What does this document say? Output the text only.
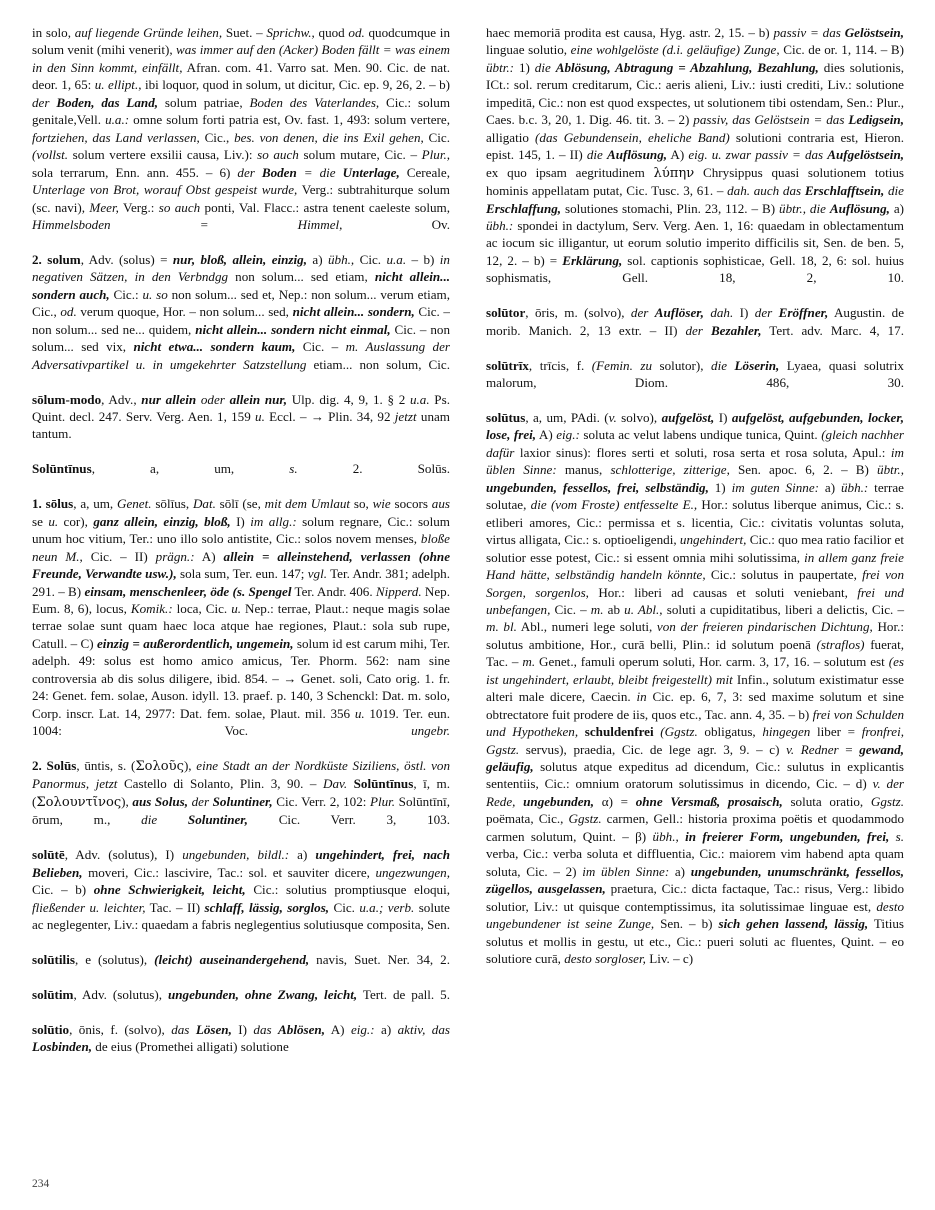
in solo, auf liegende Gründe leihen, Suet. – Sprichw., quod od. quodcumque in solum venit (mihi venerit), was immer auf den (Acker) Boden fällt = was einem in den Sinn kommt, einfällt, Afran. com. 41. Varro sat. Men. 90. Cic. de nat. deor. 1, 65: u. ellipt., ibi loquor, quod in solum, ut dicitur, Cic. ep. 9, 26, 2. – b) der Boden, das Land, solum patriae, Boden des Vaterlandes, Cic.: solum genitale,Vell. u.a.: omne solum forti patria est, Ov. fast. 1, 493: solum vertere, fortziehen, das Land verlassen, Cic., bes. von denen, die ins Exil gehen, Cic. (vollst. solum vertere exsilii causa, Liv.): so auch solum mutare, Cic. – Plur., sola terrarum, Enn. ann. 455. – 6) der Boden = die Unterlage, Cereale, Unterlage von Brot, worauf Obst gespeist wurde, Verg.: subtrahiturque solum (sc. navi), Meer, Verg.: so auch ponti, Val. Flacc.: astra tenent caeleste solum, Himmelsboden = Himmel, Ov.

2. solum, Adv. (solus) = nur, bloß, allein, einzig, a) übh., Cic. u.a. – b) in negativen Sätzen, in den Verbndgg non solum... sed etiam, nicht allein... sondern auch, Cic.: u. so non solum... sed et, Nep.: non solum... verum etiam, Cic., od. verum quoque, Hor. – non solum... sed, nicht allein... sondern, Cic. – non solum... sed ne... quidem, nicht allein... sondern nicht einmal, Cic. – non solum... sed vix, nicht etwa... sondern kaum, Cic. – m. Auslassung der Adversativpartikel u. in umgekehrter Satzstellung etiam... non solum, Cic.

sōlum-modo, Adv., nur allein oder allein nur, Ulp. dig. 4, 9, 1. § 2 u.a. Ps. Quint. decl. 247. Serv. Verg. Aen. 1, 159 u. Eccl. – → Plin. 34, 92 jetzt unam tantum.

Solūntīnus, a, um, s. 2. Solūs.

1. sōlus, a, um, Genet. sōlīus, Dat. sōlī (se, mit dem Umlaut so, wie socors aus se u. cor), ganz allein, einzig, bloß, I) im allg.: solum regnare, Cic.: solum unum hoc vitium, Ter.: uno illo solo antistite, Cic.: solos novem menses, bloße neun M., Cic. – II) prägn.: A) allein = alleinstehend, verlassen (ohne Freunde, Verwandte usw.), sola sum, Ter. eun. 147; vgl. Ter. Andr. 381; adelph. 291. – B) einsam, menschenleer, öde (s. Spengel Ter. Andr. 406. Nipperd. Nep. Eum. 8, 6), locus, Komik.: loca, Cic. u. Nep.: terrae, Plaut.: neque magis solae terrae solae sunt quam haec loca atque hae regiones, Plaut.: sola sub rupe, Catull. – C) einzig = außerordentlich, ungemein, solum id est carum mihi, Ter. adelph. 49: solus est homo amico amicus, Ter. Phorm. 562: nam sine controversia ab dis solus diligere, ibid. 854. – → Genet. soli, Cato orig. 1. fr. 24: Genet. fem. solae, Auson. idyll. 13. praef. p. 140, 3 Schenckl: Dat. m. solo, Corp. inscr. Lat. 14, 2977: Dat. fem. solae, Plaut. mil. 356 u. 1019. Ter. eun. 1004: Voc. ungebr.

2. Solūs, ūntis, s. (Σολοῦς), eine Stadt an der Nordküste Siziliens, östl. von Panormus, jetzt Castello di Solanto, Plin. 3, 90. – Dav. Solūntīnus, ī, m. (Σολουντῖνος), aus Solus, der Soluntiner, Cic. Verr. 2, 102: Plur. Solūntīnī, ōrum, m., die Soluntiner, Cic. Verr. 3, 103.

solūtē, Adv. (solutus), I) ungebunden, bildl.: a) ungehindert, frei, nach Belieben, moveri, Cic.: lascivire, Tac.: sol. et sauviter dicere, ungezwungen, Cic. – b) ohne Schwierigkeit, leicht, Cic.: solutius promptiusque eloqui, fließender u. leichter, Tac. – II) schlaff, lässig, sorglos, Cic. u.a.; verb. solute ac neglegenter, Liv.: quaedam a fabris neglegentius solutiusque composita, Sen.

solūtilis, e (solutus), (leicht) auseinandergehend, navis, Suet. Ner. 34, 2.

solūtim, Adv. (solutus), ungebunden, ohne Zwang, leicht, Tert. de pall. 5.

solūtio, ōnis, f. (solvo), das Lösen, I) das Ablösen, A) eig.: a) aktiv, das Losbinden, de eius (Promethei alligati) solutione

haec memoriā prodita est causa, Hyg. astr. 2, 15. – b) passiv = das Gelöstsein, linguae solutio, eine wohlgelöste (d.i. geläufige) Zunge, Cic. de or. 1, 114. – B) übtr.: 1) die Ablösung, Abtragung = Abzahlung, Bezahlung, dies solutionis, ICt.: sol. rerum creditarum, Cic.: aeris alieni, Liv.: iusti crediti, Liv.: solutione impeditā, Cic.: non est quod exspectes, ut solutionem tibi ostendam, Sen.: Plur., Caes. b.c. 3, 20, 1. Dig. 46. tit. 3. – 2) passiv, das Gelöstsein = das Ledigsein, alligatio (das Gebundensein, eheliche Band) solutioni contraria est, Hieron. epist. 145, 1. – II) die Auflösung, A) eig. u. zwar passiv = das Aufgelöstsein, ex quo ipsam aegritudinem λύπην Chrysippus quasi solutionem totius hominis appellatam putat, Cic. Tusc. 3, 61. – dah. auch das Erschlafftsein, die Erschlaffung, solutiones stomachi, Plin. 23, 112. – B) übtr., die Auflösung, a) übh.: spondei in dactylum, Serv. Verg. Aen. 1, 16: quaedam in oblectamentum ac iocum sic illigantur, ut eorum solutio imperito difficilis sit, Sen. de ben. 5, 12, 2. – b) = Erklärung, sol. captionis sophisticae, Gell. 18, 2, 6: sol. huius sophismatis, Gell. 18, 2, 10.

solūtor, ōris, m. (solvo), der Auflöser, dah. I) der Eröffner, Augustin. de morib. Manich. 2, 13 extr. – II) der Bezahler, Tert. adv. Marc. 4, 17.

solūtrīx, trīcis, f. (Femin. zu solutor), die Löserin, Lyaea, quasi solutrix malorum, Diom. 486, 30.

solūtus, a, um, PAdi. (v. solvo), aufgelöst, I) aufgelöst, aufgebunden, locker, lose, frei, A) eig.: soluta ac velut labens undique tunica, Quint. (gleich nachher dafür laxior sinus): flores serti et soluti, rosa serta et rosa soluta, Apul.: im üblen Sinne: manus, schlotterige, zitterige, Sen. apoc. 6, 2. – B) übtr., ungebunden, fessellos, frei, selbständig, 1) im guten Sinne: a) übh.: terrae solutae, die (vom Froste) entfesselte E., Hor.: solutus liberque animus, Cic.: s. etliberi amores, Cic.: permissa et s. licentia, Cic.: civitatis voluntas soluta, virtus alligata, Cic.: s. optioeligendi, ungehindert, Cic.: quo mea ratio facilior et solutior esse potest, Cic.: si essent omnia mihi solutissima, in allem ganz freie Hand hätte, selbständig handeln könnte, Cic.: solutus in paupertate, frei von Sorgen, sorgenlos, Hor.: liberi ad causas et soluti veniebant, frei und unbefangen, Cic. – m. ab u. Abl., soluti a cupiditatibus, liberi a delictis, Cic. – m. bl. Abl., numeri lege soluti, von der freieren pindarischen Dichtung, Hor.: solutus ambitione, Hor., curā belli, Plin.: id solutum poenā (straflos) fuerat, Tac. – m. Genet., famuli operum soluti, Hor. carm. 3, 17, 16. – solutum est (es ist ungehindert, erlaubt, bleibt freigestellt) mit Infin., solutum existimatur esse alteri male dicere, Caecin. in Cic. ep. 6, 7, 3: sed maxime solutum et sine obtrectatore fuit prodere de iis, quos etc., Tac. ann. 4, 35. – b) frei von Schulden und Hypotheken, schuldenfrei (Ggstz. obligatus, hingegen liber = fronfrei, Ggstz. servus), praedia, Cic. de lege agr. 3, 9. – c) v. Redner = gewand, geläufig, solutus atque expeditus ad dicendum, Cic.: sulutus in explicantis sententiis, Cic.: omnium oratorum solutissimus in dicendo, Cic. – d) v. der Rede, ungebunden, α) = ohne Versmaß, prosaisch, soluta oratio, Ggstz. poëmata, Cic., Ggstz. carmen, Gell.: historia proxima poëtis et quodammodo carmen solutum, Quint. – β) übh., in freierer Form, ungebunden, frei, s. verba, Cic.: verba soluta et diffluentia, Cic.: maiorem vim habend apta quam soluta, Cic. – 2) im üblen Sinne: a) ungebunden, unumschränkt, fessellos, zügellos, ausgelassen, praetura, Cic.: dicta factaque, Tac.: risus, Verg.: libido solutior, Liv.: ut quisque contemptissimus, ita solutissimae linguae est, desto ungebundener ist seine Zunge, Sen. – b) sich gehen lassend, lässig, Titius solutus et mollis in gestu, ut etc., Cic.: pueri soluti ac fluentes, Quint. – eo solutiore curā, desto sorgloser, Liv. – c)

234
